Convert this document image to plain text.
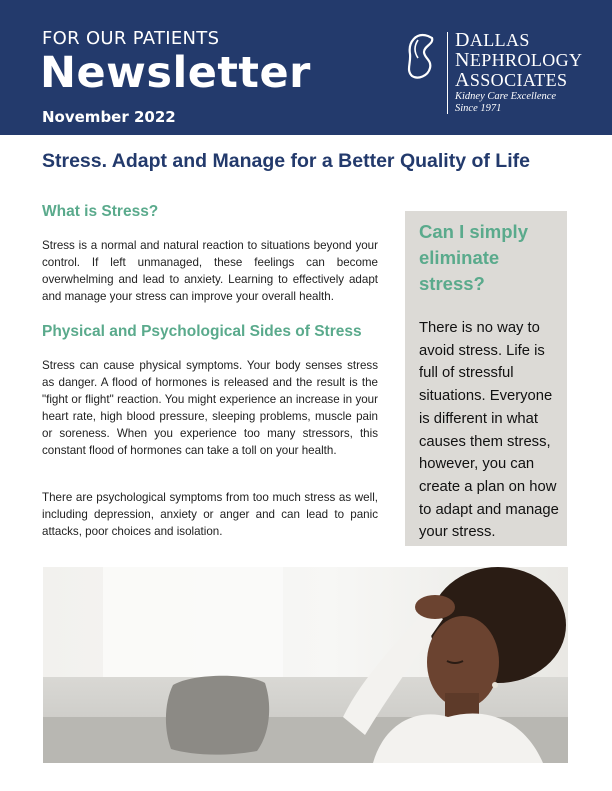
FOR OUR PATIENTS
Newsletter
November 2022
DALLAS
NEPHROLOGY
ASSOCIATES
Kidney Care Excellence
Since 1971
Stress. Adapt and Manage for a Better Quality of Life
What is Stress?

Stress is a normal and natural reaction to situations beyond your control. If left unmanaged, these feelings can become overwhelming and lead to anxiety. Learning to effectively adapt and manage your stress can improve your overall health.

Physical and Psychological Sides of Stress

Stress can cause physical symptoms. Your body senses stress as danger. A flood of hormones is released and the result is the "fight or flight" reaction. You might experience an increase in your heart rate, high blood pressure, sleeping problems, muscle pain or soreness. When you experience too many stressors, this constant flood of hormones can take a toll on your health.

There are psychological symptoms from too much stress as well, including depression, anxiety or anger and can lead to panic attacks, poor choices and isolation.

Can I simply eliminate stress?
There is no way to avoid stress. Life is full of stressful situations. Everyone is different in what causes them stress, however, you can create a plan on how to adapt and manage your stress.
